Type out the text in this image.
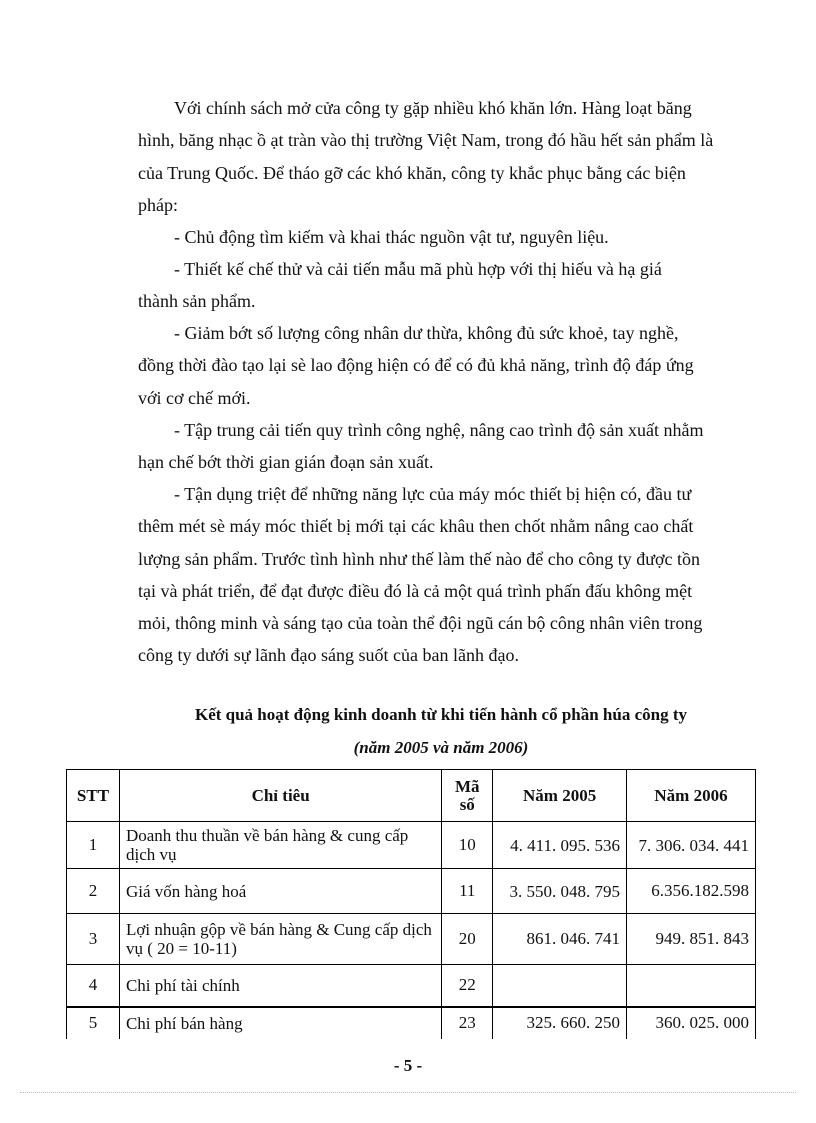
Với chính sách mở cửa công ty gặp nhiều khó khăn lớn. Hàng loạt băng
hình, băng nhạc ồ ạt tràn vào thị trường Việt Nam, trong đó hầu hết sản phẩm là
của Trung Quốc. Để tháo gỡ các khó khăn, công ty khắc phục bằng các biện
pháp:
- Chủ động tìm kiếm và khai thác nguồn vật tư, nguyên liệu.
- Thiết kế chế thử và cải tiến mẫu mã phù hợp với thị hiếu và hạ giá
thành sản phẩm.
- Giảm bớt số lượng công nhân dư thừa, không đủ sức khoẻ, tay nghề,
đồng thời đào tạo lại sè lao động hiện có để có đủ khả năng, trình độ đáp ứng
với cơ chế mới.
- Tập trung cải tiến quy trình công nghệ, nâng cao trình độ sản xuất nhằm
hạn chế bớt thời gian gián đoạn sản xuất.
- Tận dụng triệt để những năng lực của máy móc thiết bị hiện có, đầu tư
thêm mét sè máy móc thiết bị mới tại các khâu then chốt nhằm nâng cao chất
lượng sản phẩm. Trước tình hình như thế làm thế nào để cho công ty được tồn
tại và phát triển, để đạt được điều đó là cả một quá trình phấn đấu không mệt
mỏi, thông minh và sáng tạo của toàn thể đội ngũ cán bộ công nhân viên trong
công ty dưới sự lãnh đạo sáng suốt của ban lãnh đạo.
Kết quả hoạt động kinh doanh từ khi tiến hành cổ phần húa công ty
(năm 2005 và năm 2006)
STT	Chỉ tiêu	Mã số	Năm 2005	Năm 2006
1	Doanh thu thuần về bán hàng & cung cấp dịch vụ	10	4. 411. 095. 536	7. 306. 034. 441
2	Giá vốn hàng hoá	11	3. 550. 048. 795	6.356.182.598
3	Lợi nhuận gộp về bán hàng & Cung cấp dịch vụ ( 20 = 10-11)	20	861. 046. 741	949. 851. 843
4	Chi phí tài chính	22		
5	Chi phí bán hàng	23	325. 660. 250	360. 025. 000
- 5 -
